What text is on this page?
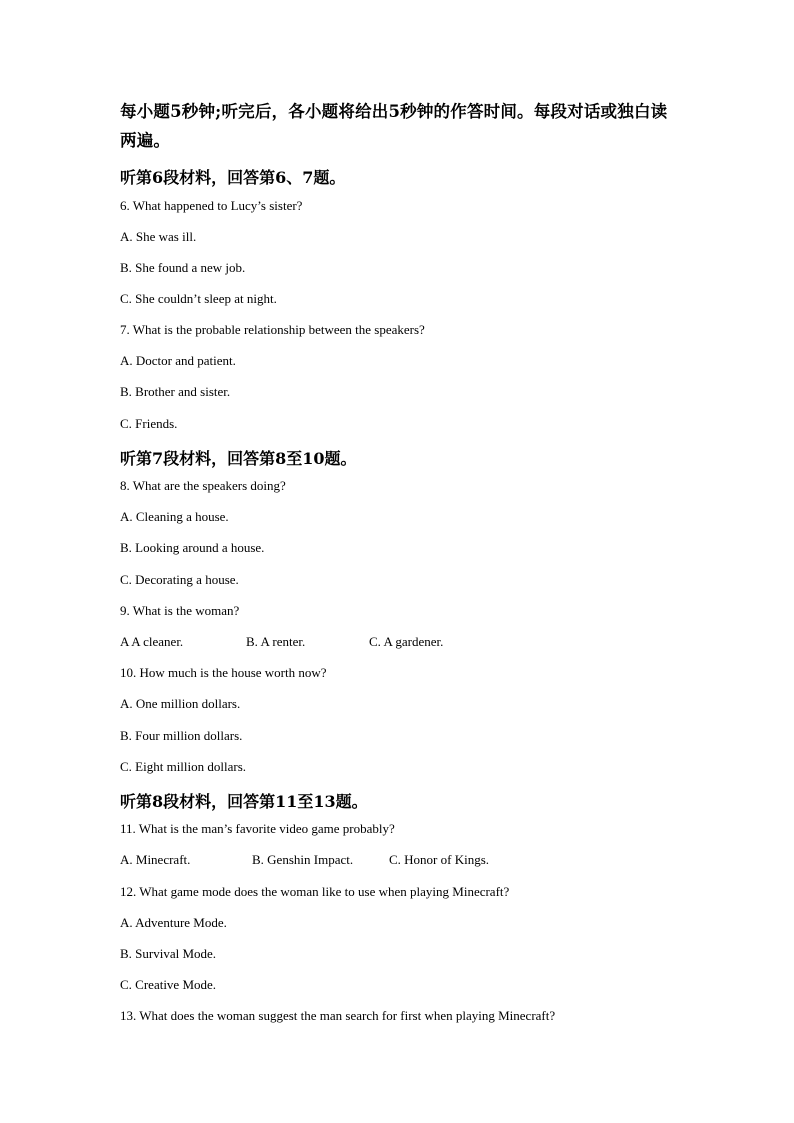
每小题5秒钟;听完后，各小题将给出5秒钟的作答时间。每段对话或独白读两遍。
听第6段材料，回答第6、7题。
6. What happened to Lucy’s sister?
A. She was ill.
B. She found a new job.
C. She couldn’t sleep at night.
7. What is the probable relationship between the speakers?
A. Doctor and patient.
B. Brother and sister.
C. Friends.
听第7段材料，回答第8至10题。
8. What are the speakers doing?
A. Cleaning a house.
B. Looking around a house.
C. Decorating a house.
9. What is the woman?
A A cleaner.	B. A renter.	C. A gardener.
10. How much is the house worth now?
A. One million dollars.
B. Four million dollars.
C. Eight million dollars.
听第8段材料，回答第11至13题。
11. What is the man’s favorite video game probably?
A. Minecraft.	B. Genshin Impact.	C. Honor of Kings.
12. What game mode does the woman like to use when playing Minecraft?
A. Adventure Mode.
B. Survival Mode.
C. Creative Mode.
13. What does the woman suggest the man search for first when playing Minecraft?
